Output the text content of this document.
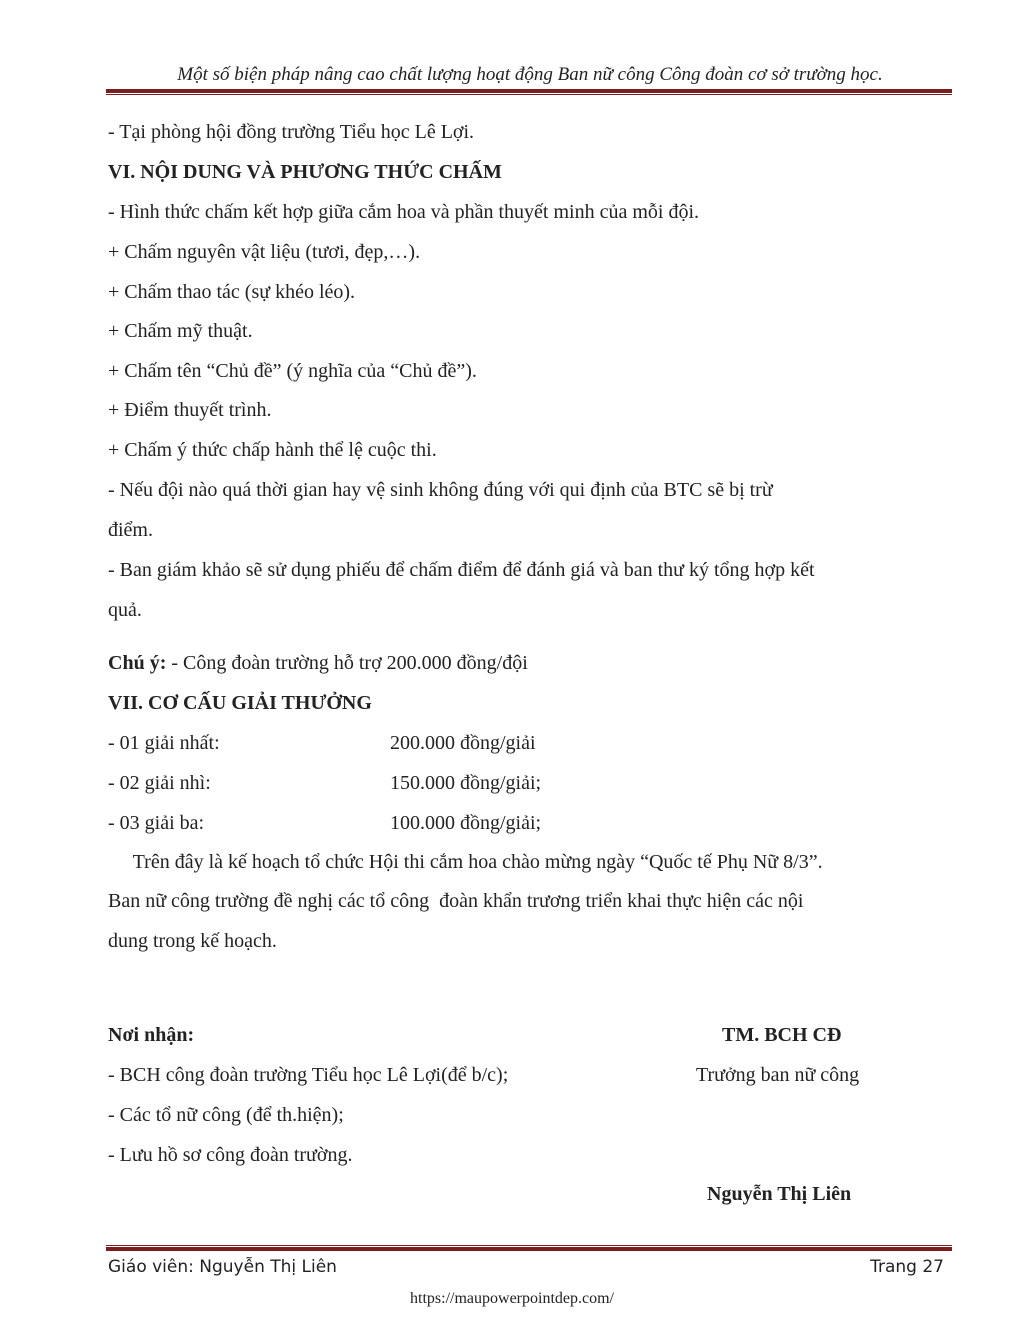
Một số biện pháp nâng cao chất lượng hoạt động Ban nữ công Công đoàn cơ sở trường học.
- Tại phòng hội đồng trường Tiểu học Lê Lợi.
VI. NỘI DUNG VÀ PHƯƠNG THỨC CHẤM
- Hình thức chấm kết hợp giữa cắm hoa và phần thuyết minh của mỗi đội.
+ Chấm nguyên vật liệu (tươi, đẹp,…).
+ Chấm thao tác (sự khéo léo).
+ Chấm mỹ thuật.
+ Chấm tên “Chủ đề” (ý nghĩa của “Chủ đề”).
+ Điểm thuyết trình.
+ Chấm ý thức chấp hành thể lệ cuộc thi.
- Nếu đội nào quá thời gian hay vệ sinh không đúng với qui định của BTC sẽ bị trừ
điểm.
- Ban giám khảo sẽ sử dụng phiếu để chấm điểm để đánh giá và ban thư ký tổng hợp kết
quả.
Chú ý: - Công đoàn trường hỗ trợ 200.000 đồng/đội
VII. CƠ CẤU GIẢI THƯỞNG
- 01 giải nhất:	200.000 đồng/giải
- 02 giải nhì:	150.000 đồng/giải;
- 03 giải ba:	100.000 đồng/giải;
Trên đây là kế hoạch tổ chức Hội thi cắm hoa chào mừng ngày “Quốc tế Phụ Nữ 8/3”.
Ban nữ công trường đề nghị các tổ công  đoàn khẩn trương triển khai thực hiện các nội
dung trong kế hoạch.
Nơi nhận:
- BCH công đoàn trường Tiểu học Lê Lợi(để b/c);
- Các tổ nữ công (để th.hiện);
- Lưu hồ sơ công đoàn trường.
TM. BCH CĐ
Trưởng ban nữ công
Nguyễn Thị Liên
Giáo viên: Nguyễn Thị Liên	Trang 27
https://maupowerpointdep.com/
